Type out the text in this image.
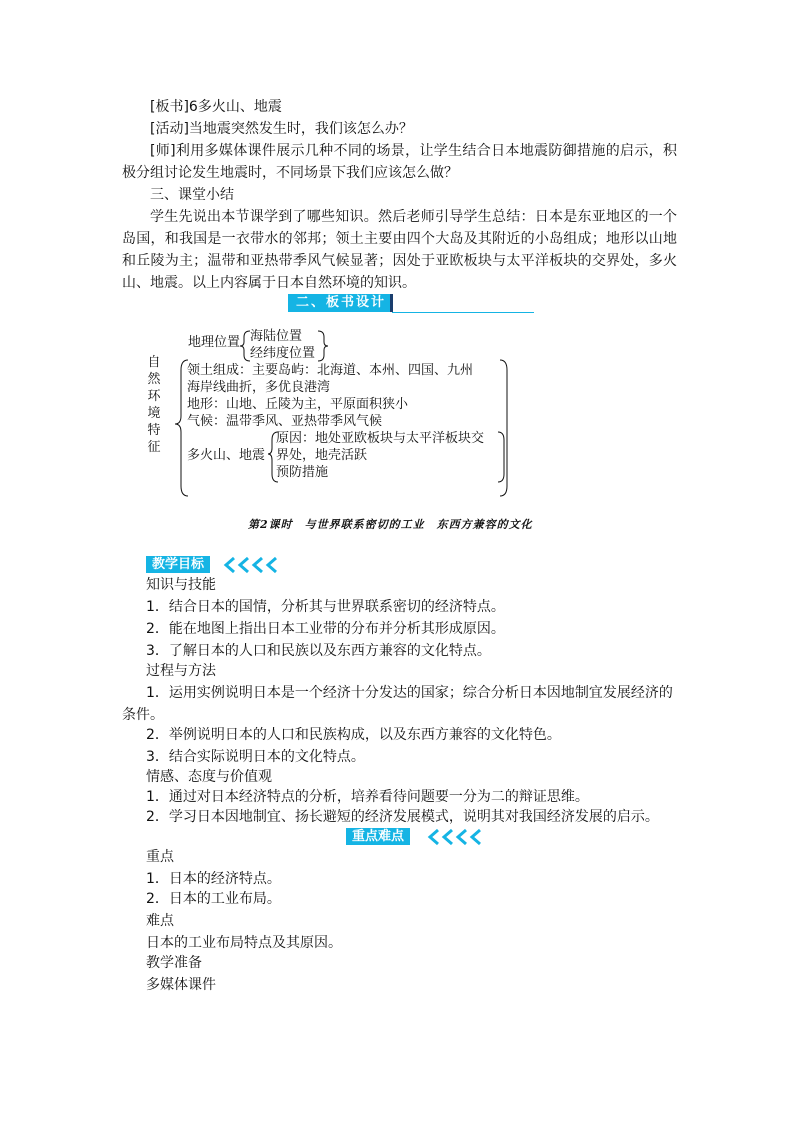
[板书]6多火山、地震
[活动]当地震突然发生时，我们该怎么办？
[师]利用多媒体课件展示几种不同的场景，让学生结合日本地震防御措施的启示，积极分组讨论发生地震时，不同场景下我们应该怎么做？
三、课堂小结
学生先说出本节课学到了哪些知识。然后老师引导学生总结：日本是东亚地区的一个岛国，和我国是一衣带水的邻邦；领土主要由四个大岛及其附近的小岛组成；地形以山地和丘陵为主；温带和亚热带季风气候显著；因处于亚欧板块与太平洋板块的交界处，多火山、地震。以上内容属于日本自然环境的知识。
二、板书设计
自然环境特征
地理位置 海陆位置
经纬度位置
领土组成：主要岛屿：北海道、本州、四国、九州
海岸线曲折，多优良港湾
地形：山地、丘陵为主，平原面积狭小
气候：温带季风、亚热带季风气候
多火山、地震
原因：地处亚欧板块与太平洋板块交
界处，地壳活跃
预防措施
第2课时　与世界联系密切的工业　东西方兼容的文化
教学目标
知识与技能
1．结合日本的国情，分析其与世界联系密切的经济特点。
2．能在地图上指出日本工业带的分布并分析其形成原因。
3．了解日本的人口和民族以及东西方兼容的文化特点。
过程与方法
1．运用实例说明日本是一个经济十分发达的国家；综合分析日本因地制宜发展经济的
条件。
2．举例说明日本的人口和民族构成，以及东西方兼容的文化特色。
3．结合实际说明日本的文化特点。
情感、态度与价值观
1．通过对日本经济特点的分析，培养看待问题要一分为二的辩证思维。
2．学习日本因地制宜、扬长避短的经济发展模式，说明其对我国经济发展的启示。
重点难点
重点
1．日本的经济特点。
2．日本的工业布局。
难点
日本的工业布局特点及其原因。
教学准备
多媒体课件
